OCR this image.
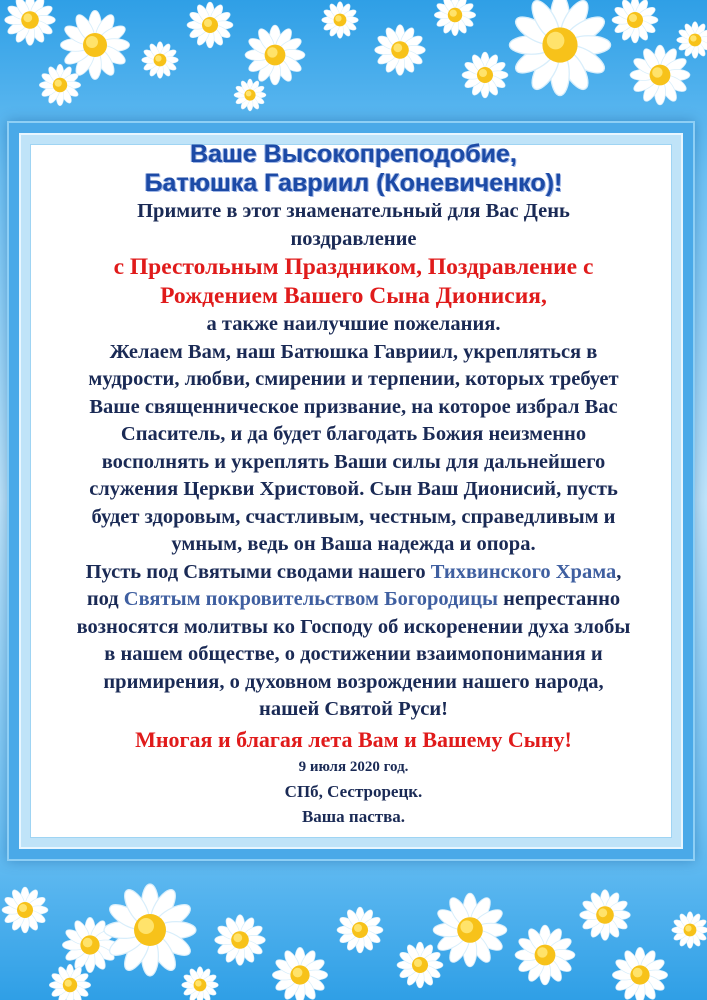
Ваше Высокопреподобие,
Батюшка Гавриил (Коневиченко)!
Примите в этот знаменательный для Вас День
поздравление
с Престольным Праздником, Поздравление с
Рождением Вашего Сына Дионисия,
а также наилучшие пожелания.
Желаем Вам, наш Батюшка Гавриил, укрепляться в
мудрости, любви, смирении и терпении, которых требует
Ваше священническое призвание, на которое избрал Вас
Спаситель, и да будет благодать Божия неизменно
восполнять и укреплять Ваши силы для дальнейшего
служения Церкви Христовой. Сын Ваш Дионисий, пусть
будет здоровым, счастливым, честным, справедливым и
умным, ведь он Ваша надежда и опора.
Пусть под Святыми сводами нашего Тихвинского Храма,
под Святым покровительством Богородицы непрестанно
возносятся молитвы ко Господу об искоренении духа злобы
в нашем обществе, о достижении взаимопонимания и
примирения, о духовном возрождении нашего народа,
нашей Святой Руси!
Многая и благая лета Вам и Вашему Сыну!
9 июля 2020 год.
СПб, Сестрорецк.
Ваша паства.
